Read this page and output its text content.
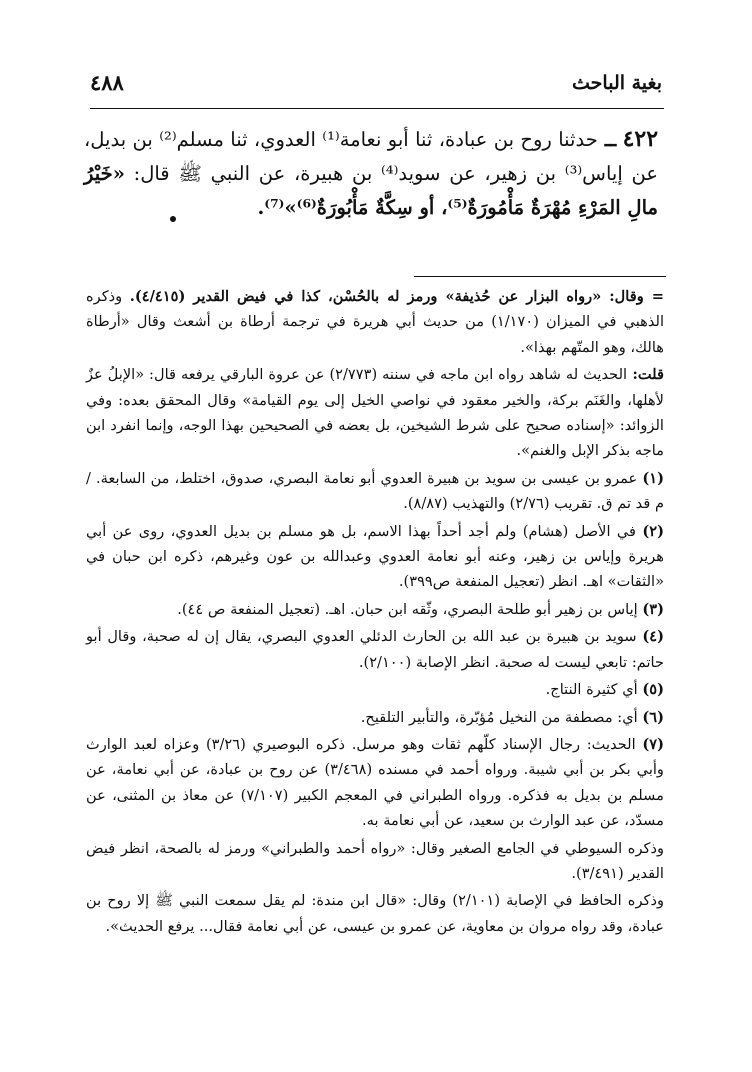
بغية الباحث
٤٨٨
٤٢٢ ــ حدثنا روح بن عبادة، ثنا أبو نعامة⁽¹⁾ العدوي، ثنا مسلم⁽²⁾ بن بديل، عن إياس⁽³⁾ بن زهير، عن سويد⁽⁴⁾ بن هبيرة، عن النبي ﷺ قال: «خَيْرُ مالِ المَرْءِ مُهْرَةٌ مَأْمُورَةٌ⁽⁵⁾، أو سِكَّةٌ مَأْبُورَةٌ⁽⁶⁾»⁽⁷⁾.

= وقال: «رواه البزار عن حُذيفة» ورمز له بالحُسْن، كذا في فيض القدير (٤/٤١٥). وذكره الذهبي في الميزان (١/١٧٠) من حديث أبي هريرة في ترجمة أرطاة بن أشعث وقال «أرطاة هالك، وهو المتّهم بهذا».

قلت: الحديث له شاهد رواه ابن ماجه في سننه (٢/٧٧٣) عن عروة البارقي يرفعه قال: «الإبلُ عزٌ لأهلها، والغَنَم بركة، والخير معقود في نواصي الخيل إلى يوم القيامة» وقال المحقق بعده: وفي الزوائد: «إسناده صحيح على شرط الشيخين، بل بعضه في الصحيحين بهذا الوجه، وإنما انفرد ابن ماجه بذكر الإبل والغنم».

(١) عمرو بن عيسى بن سويد بن هبيرة العدوي أبو نعامة البصري، صدوق، اختلط، من السابعة. /م قد تم ق. تقريب (٢/٧٦) والتهذيب (٨/٨٧).

(٢) في الأصل (هشام) ولم أجد أحداً بهذا الاسم، بل هو مسلم بن بديل العدوي، روى عن أبي هريرة وإياس بن زهير، وعنه أبو نعامة العدوي وعبدالله بن عون وغيرهم، ذكره ابن حبان في «الثقات» اهـ. انظر (تعجيل المنفعة ص٣٩٩).

(٣) إياس بن زهير أبو طلحة البصري، وثّقه ابن حبان. اهـ. (تعجيل المنفعة ص ٤٤).

(٤) سويد بن هبيرة بن عبد الله بن الحارث الدئلي العدوي البصري، يقال إن له صحبة، وقال أبو حاتم: تابعي ليست له صحبة. انظر الإصابة (٢/١٠٠).

(٥) أي كثيرة النتاج.

(٦) أي: مصطفة من النخيل مُؤبّرة، والتأبير التلقيح.

(٧) الحديث: رجال الإسناد كلّهم ثقات وهو مرسل. ذكره البوصيري (٣/٢٦) وعزاه لعبد الوارث وأبي بكر بن أبي شيبة. ورواه أحمد في مسنده (٣/٤٦٨) عن روح بن عبادة، عن أبي نعامة، عن مسلم بن بديل به فذكره. ورواه الطبراني في المعجم الكبير (٧/١٠٧) عن معاذ بن المثنى، عن مسدّد، عن عبد الوارث بن سعيد، عن أبي نعامة به.

وذكره السيوطي في الجامع الصغير وقال: «رواه أحمد والطبراني» ورمز له بالصحة، انظر فيض القدير (٣/٤٩١).

وذكره الحافظ في الإصابة (٢/١٠١) وقال: «قال ابن مندة: لم يقل سمعت النبي ﷺ إلا روح بن عبادة، وقد رواه مروان بن معاوية، عن عمرو بن عيسى، عن أبي نعامة فقال... يرفع الحديث».
